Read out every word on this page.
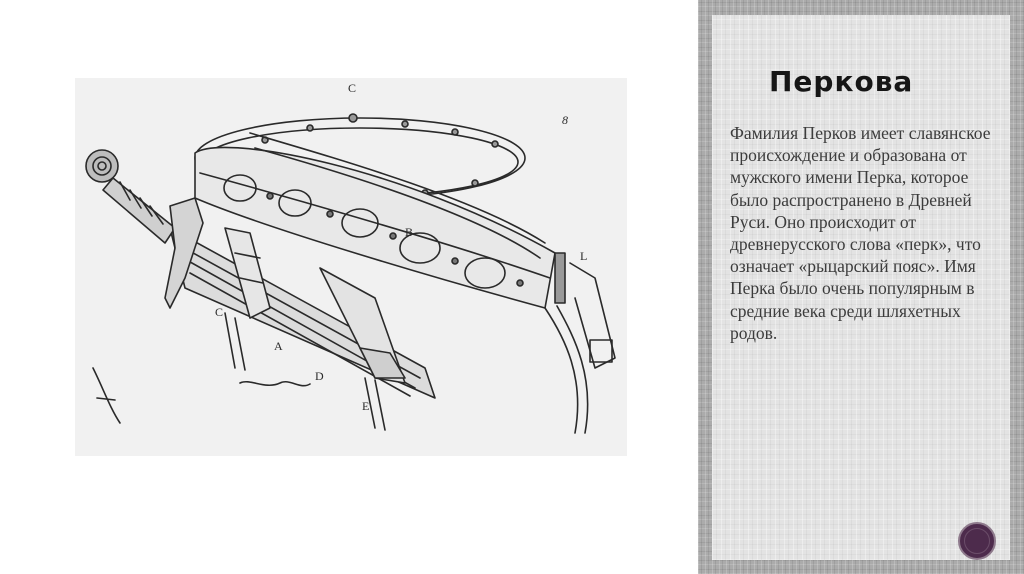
C
B
L
C
A
D
E
8
Перкова
Фамилия Перков имеет славянское происхождение и образована от мужского имени Перка, которое было распространено в Древней Руси. Оно происходит от древнерусского слова «перк», что означает «рыцарский пояс». Имя Перка было очень популярным в средние века среди шляхетных родов.
